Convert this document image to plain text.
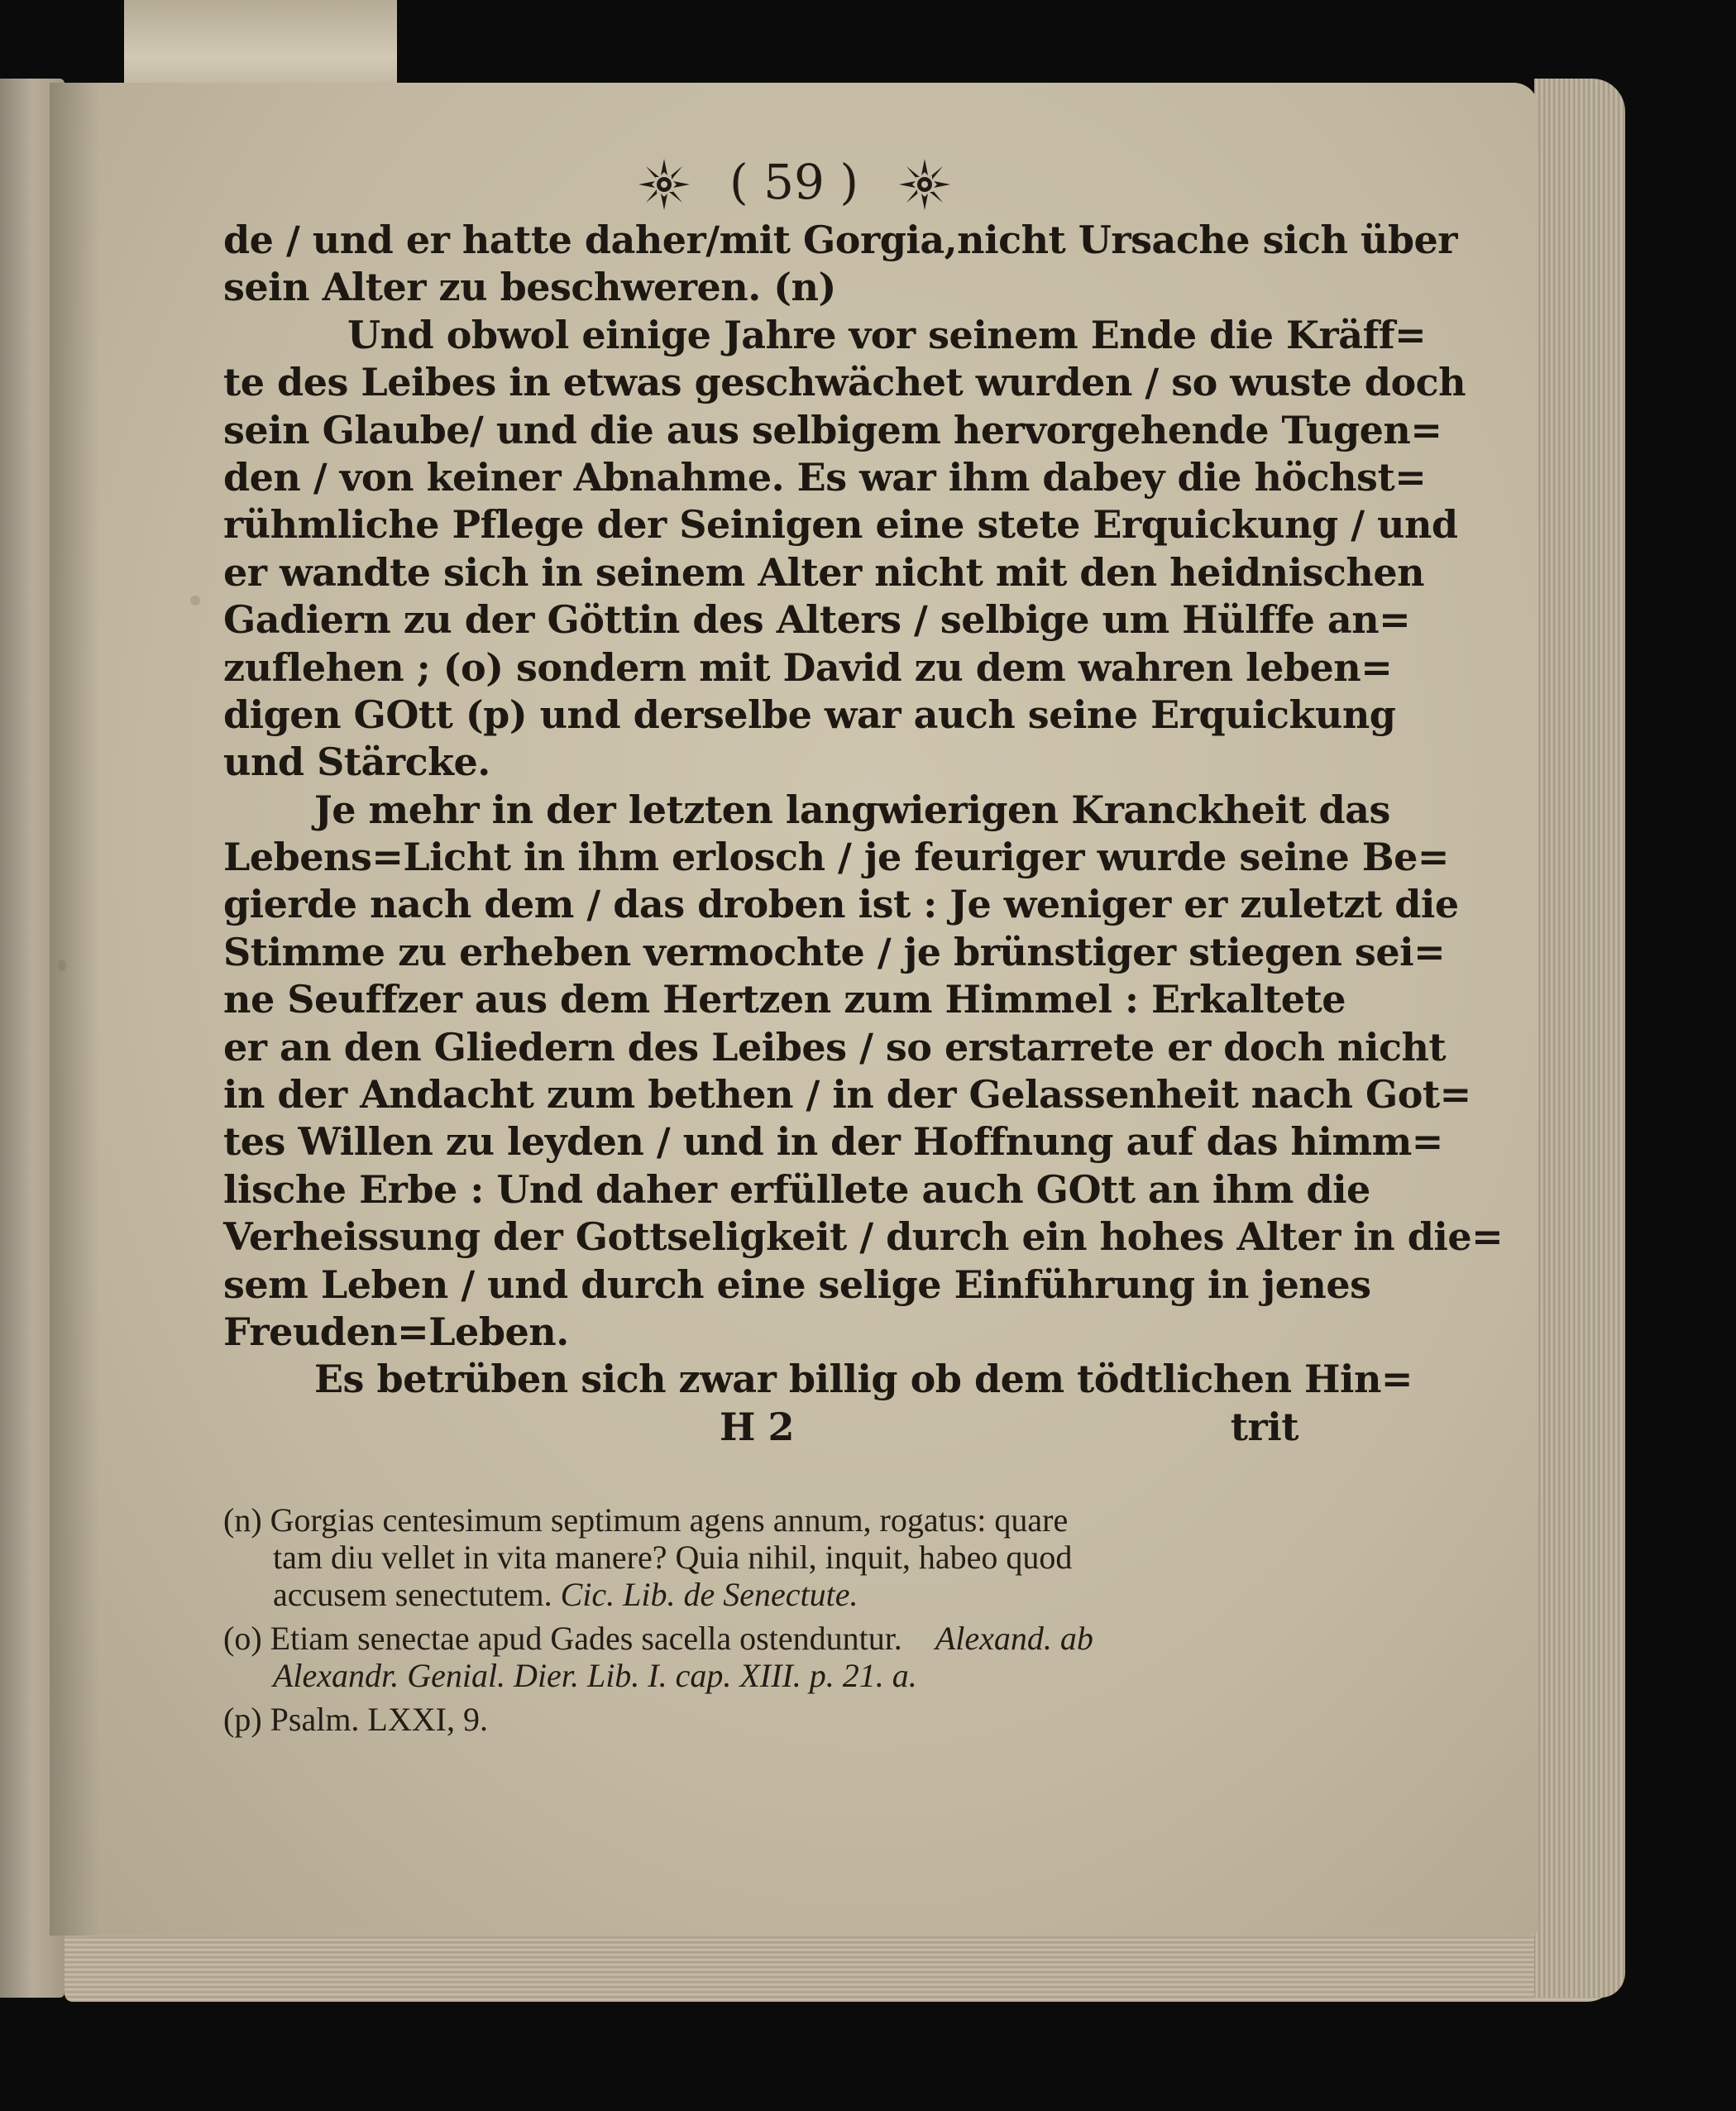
( 59 )
de / und er hatte daher/mit Gorgia,nicht Ursache sich über
sein Alter zu beschweren. (n)
Und obwol einige Jahre vor seinem Ende die Kräff=
te des Leibes in etwas geschwächet wurden / so wuste doch
sein Glaube/ und die aus selbigem hervorgehende Tugen=
den / von keiner Abnahme. Es war ihm dabey die höchst=
rühmliche Pflege der Seinigen eine stete Erquickung / und
er wandte sich in seinem Alter nicht mit den heidnischen
Gadiern zu der Göttin des Alters / selbige um Hülffe an=
zuflehen ; (o) sondern mit David zu dem wahren leben=
digen GOtt (p) und derselbe war auch seine Erquickung
und Stärcke.
Je mehr in der letzten langwierigen Kranckheit das
Lebens=Licht in ihm erlosch / je feuriger wurde seine Be=
gierde nach dem / das droben ist : Je weniger er zuletzt die
Stimme zu erheben vermochte / je brünstiger stiegen sei=
ne Seuffzer aus dem Hertzen zum Himmel : Erkaltete
er an den Gliedern des Leibes / so erstarrete er doch nicht
in der Andacht zum bethen / in der Gelassenheit nach Got=
tes Willen zu leyden / und in der Hoffnung auf das himm=
lische Erbe : Und daher erfüllete auch GOtt an ihm die
Verheissung der Gottseligkeit / durch ein hohes Alter in die=
sem Leben / und durch eine selige Einführung in jenes
Freuden=Leben.
Es betrüben sich zwar billig ob dem tödtlichen Hin=
H 2	trit
(n) Gorgias centesimum septimum agens annum, rogatus: quare
tam diu vellet in vita manere? Quia nihil, inquit, habeo quod
accusem senectutem. Cic. Lib. de Senectute.
(o) Etiam senectae apud Gades sacella ostenduntur. Alexand. ab
Alexandr. Genial. Dier. Lib. I. cap. XIII. p. 21. a.
(p) Psalm. LXXI, 9.
